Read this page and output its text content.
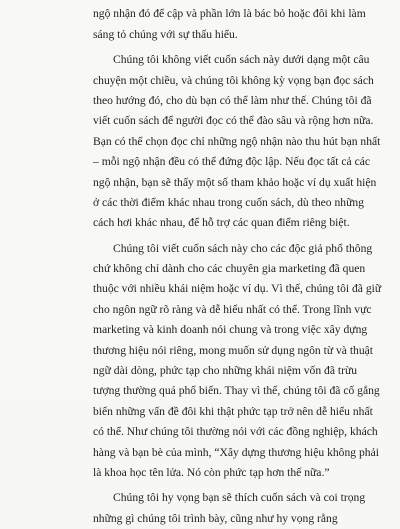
ngộ nhận đó để cập và phần lớn là bác bỏ hoặc đôi khi làm
sáng tỏ chúng với sự thấu hiểu.
Chúng tôi không viết cuốn sách này dưới dạng một câu
chuyện một chiều, và chúng tôi không kỳ vọng bạn đọc sách
theo hướng đó, cho dù bạn có thể làm như thế. Chúng tôi đã
viết cuốn sách để người đọc có thể đào sâu và rộng hơn nữa.
Bạn có thể chọn đọc chỉ những ngộ nhận nào thu hút bạn nhất
– mỗi ngộ nhận đều có thể đứng độc lập. Nếu đọc tất cả các
ngộ nhận, bạn sẽ thấy một số tham khảo hoặc ví dụ xuất hiện
ở các thời điểm khác nhau trong cuốn sách, dù theo những
cách hơi khác nhau, để hỗ trợ các quan điểm riêng biệt.
Chúng tôi viết cuốn sách này cho các độc giả phổ thông
chứ không chỉ dành cho các chuyên gia marketing đã quen
thuộc với nhiều khái niệm hoặc ví dụ. Vì thế, chúng tôi đã giữ
cho ngôn ngữ rõ ràng và dễ hiểu nhất có thể. Trong lĩnh vực
marketing và kinh doanh nói chung và trong việc xây dựng
thương hiệu nói riêng, mong muốn sử dụng ngôn từ và thuật
ngữ dài dòng, phức tạp cho những khái niệm vốn đã trừu
tượng thường quá phổ biến. Thay vì thế, chúng tôi đã cố gắng
biến những vấn đề đôi khi thật phức tạp trở nên dễ hiểu nhất
có thể. Như chúng tôi thường nói với các đồng nghiệp, khách
hàng và bạn bè của mình, “Xây dựng thương hiệu không phải
là khoa học tên lửa. Nó còn phức tạp hơn thế nữa.”
Chúng tôi hy vọng bạn sẽ thích cuốn sách và coi trọng
những gì chúng tôi trình bày, cũng như hy vọng rằng
